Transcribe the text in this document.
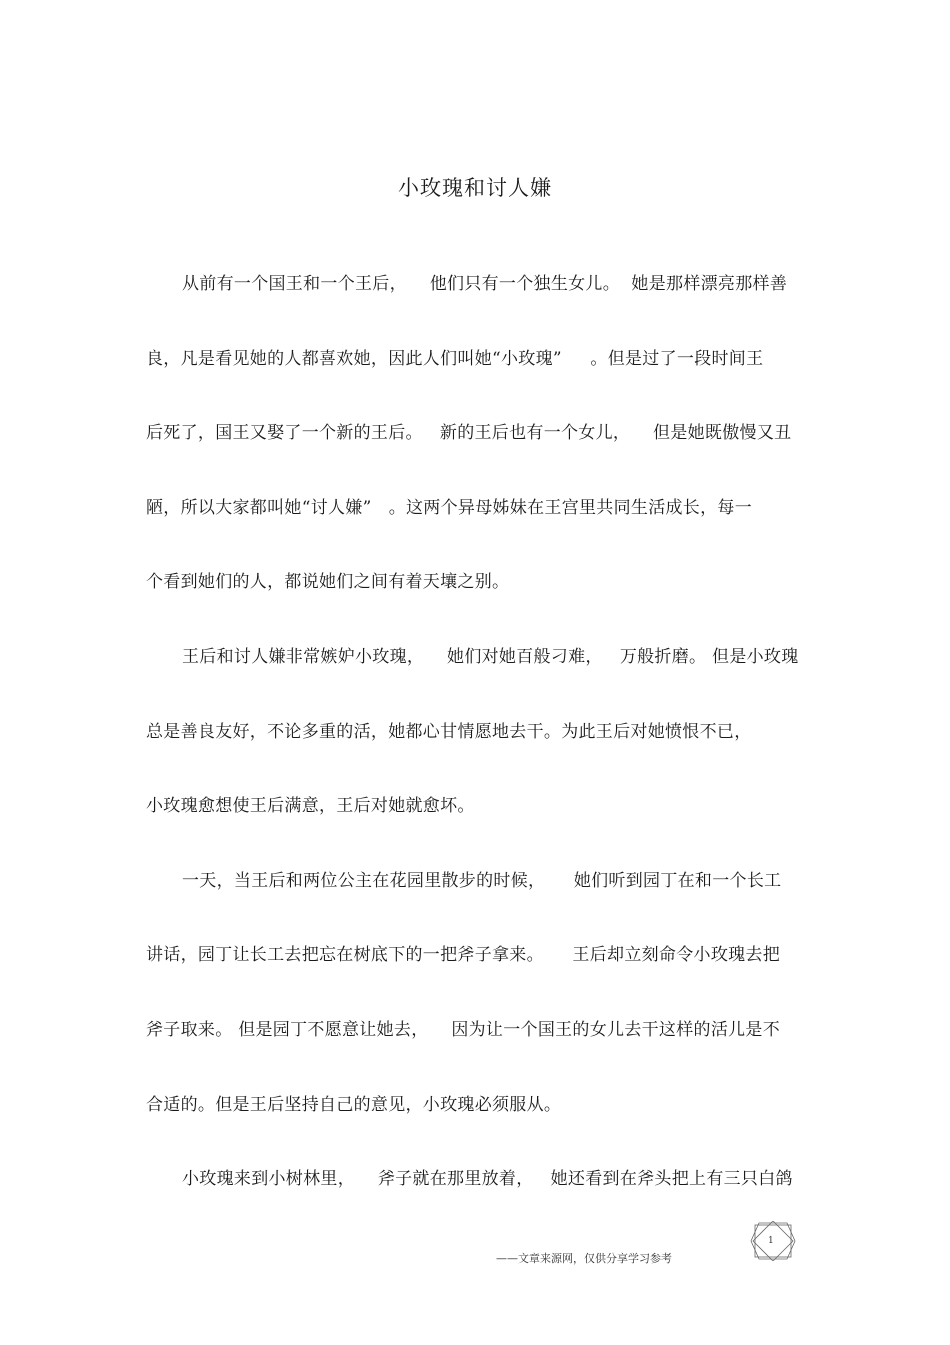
小玫瑰和讨人嫌
从前有一个国王和一个王后，    他们只有一个独生女儿。  她是那样漂亮那样善
良，凡是看见她的人都喜欢她，因此人们叫她“小玫瑰”     。但是过了一段时间王
后死了，国王又娶了一个新的王后。   新的王后也有一个女儿，    但是她既傲慢又丑
陋，所以大家都叫她“讨人嫌”   。这两个异母姊妹在王宫里共同生活成长，每一
个看到她们的人，都说她们之间有着天壤之别。
王后和讨人嫌非常嫉妒小玫瑰，    她们对她百般刁难，   万般折磨。 但是小玫瑰
总是善良友好，不论多重的活，她都心甘情愿地去干。为此王后对她愤恨不已，
小玫瑰愈想使王后满意，王后对她就愈坏。
一天，当王后和两位公主在花园里散步的时候，     她们听到园丁在和一个长工
讲话，园丁让长工去把忘在树底下的一把斧子拿来。     王后却立刻命令小玫瑰去把
斧子取来。 但是园丁不愿意让她去，    因为让一个国王的女儿去干这样的活儿是不
合适的。但是王后坚持自己的意见，小玫瑰必须服从。
小玫瑰来到小树林里，    斧子就在那里放着，   她还看到在斧头把上有三只白鸽
1
——文章来源网，仅供分享学习参考
